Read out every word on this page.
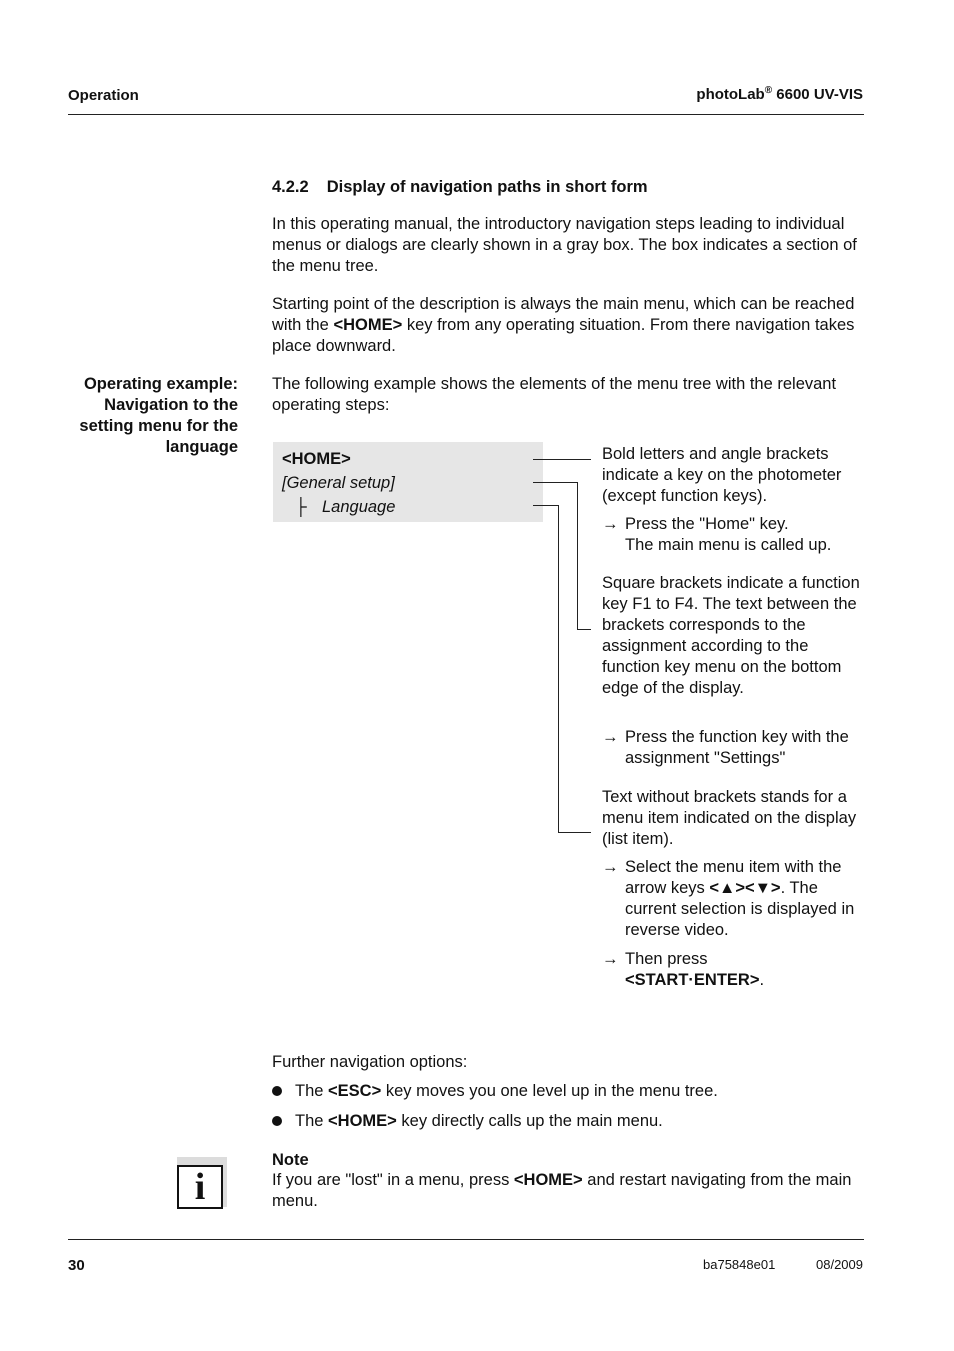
Operation	photoLab® 6600 UV-VIS
4.2.2 Display of navigation paths in short form
In this operating manual, the introductory navigation steps leading to individual menus or dialogs are clearly shown in a gray box. The box indicates a section of the menu tree.
Starting point of the description is always the main menu, which can be reached with the <HOME> key from any operating situation. From there navigation takes place downward.
Operating example:
Navigation to the
setting menu for the
language
The following example shows the elements of the menu tree with the relevant operating steps:
<HOME>
[General setup]
├ Language
Bold letters and angle brackets indicate a key on the photometer (except function keys).
→ Press the "Home" key.
The main menu is called up.
Square brackets indicate a function key F1 to F4. The text between the brackets corresponds to the assignment according to the function key menu on the bottom edge of the display.
→ Press the function key with the assignment "Settings"
Text without brackets stands for a menu item indicated on the display (list item).
→ Select the menu item with the arrow keys <▲><▼>. The current selection is displayed in reverse video.
→ Then press
<START·ENTER>.
Further navigation options:
The <ESC> key moves you one level up in the menu tree.
The <HOME> key directly calls up the main menu.
i
Note
If you are "lost" in a menu, press <HOME> and restart navigating from the main menu.
30	ba75848e01	08/2009
